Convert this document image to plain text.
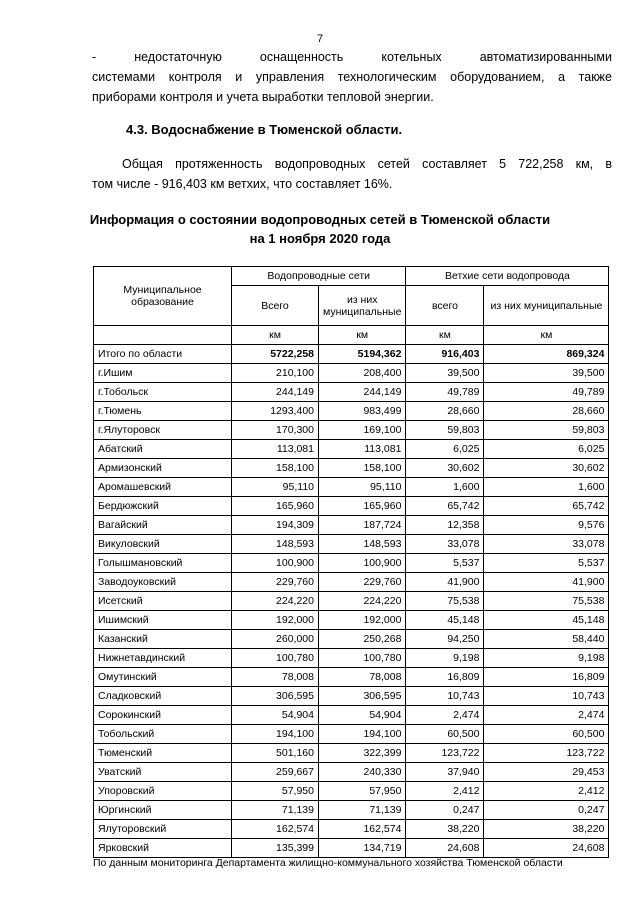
7
- недостаточную оснащенность котельных автоматизированными
системами контроля и управления технологическим оборудованием, а также
приборами контроля и учета выработки тепловой энергии.
4.3. Водоснабжение в Тюменской области.
Общая протяженность водопроводных сетей составляет 5 722,258 км, в
том числе - 916,403 км ветхих, что составляет 16%.
Информация о состоянии водопроводных сетей в Тюменской области
на 1 ноября 2020 года
Муниципальное образование	Водопроводные сети		Ветхие сети водопровода	
	Всего	из них муниципальные	всего	из них муниципальные
	км	км	км	км
Итого по области	5722,258	5194,362	916,403	869,324
г.Ишим	210,100	208,400	39,500	39,500
г.Тобольск	244,149	244,149	49,789	49,789
г.Тюмень	1293,400	983,499	28,660	28,660
г.Ялуторовск	170,300	169,100	59,803	59,803
Абатский	113,081	113,081	6,025	6,025
Армизонский	158,100	158,100	30,602	30,602
Аромашевский	95,110	95,110	1,600	1,600
Бердюжский	165,960	165,960	65,742	65,742
Вагайский	194,309	187,724	12,358	9,576
Викуловский	148,593	148,593	33,078	33,078
Голышмановский	100,900	100,900	5,537	5,537
Заводоуковский	229,760	229,760	41,900	41,900
Исетский	224,220	224,220	75,538	75,538
Ишимский	192,000	192,000	45,148	45,148
Казанский	260,000	250,268	94,250	58,440
Нижнетавдинский	100,780	100,780	9,198	9,198
Омутинский	78,008	78,008	16,809	16,809
Сладковский	306,595	306,595	10,743	10,743
Сорокинский	54,904	54,904	2,474	2,474
Тобольский	194,100	194,100	60,500	60,500
Тюменский	501,160	322,399	123,722	123,722
Уватский	259,667	240,330	37,940	29,453
Упоровский	57,950	57,950	2,412	2,412
Юргинский	71,139	71,139	0,247	0,247
Ялуторовский	162,574	162,574	38,220	38,220
Ярковский	135,399	134,719	24,608	24,608
По данным мониторинга Департамента жилищно-коммунального хозяйства Тюменской области
